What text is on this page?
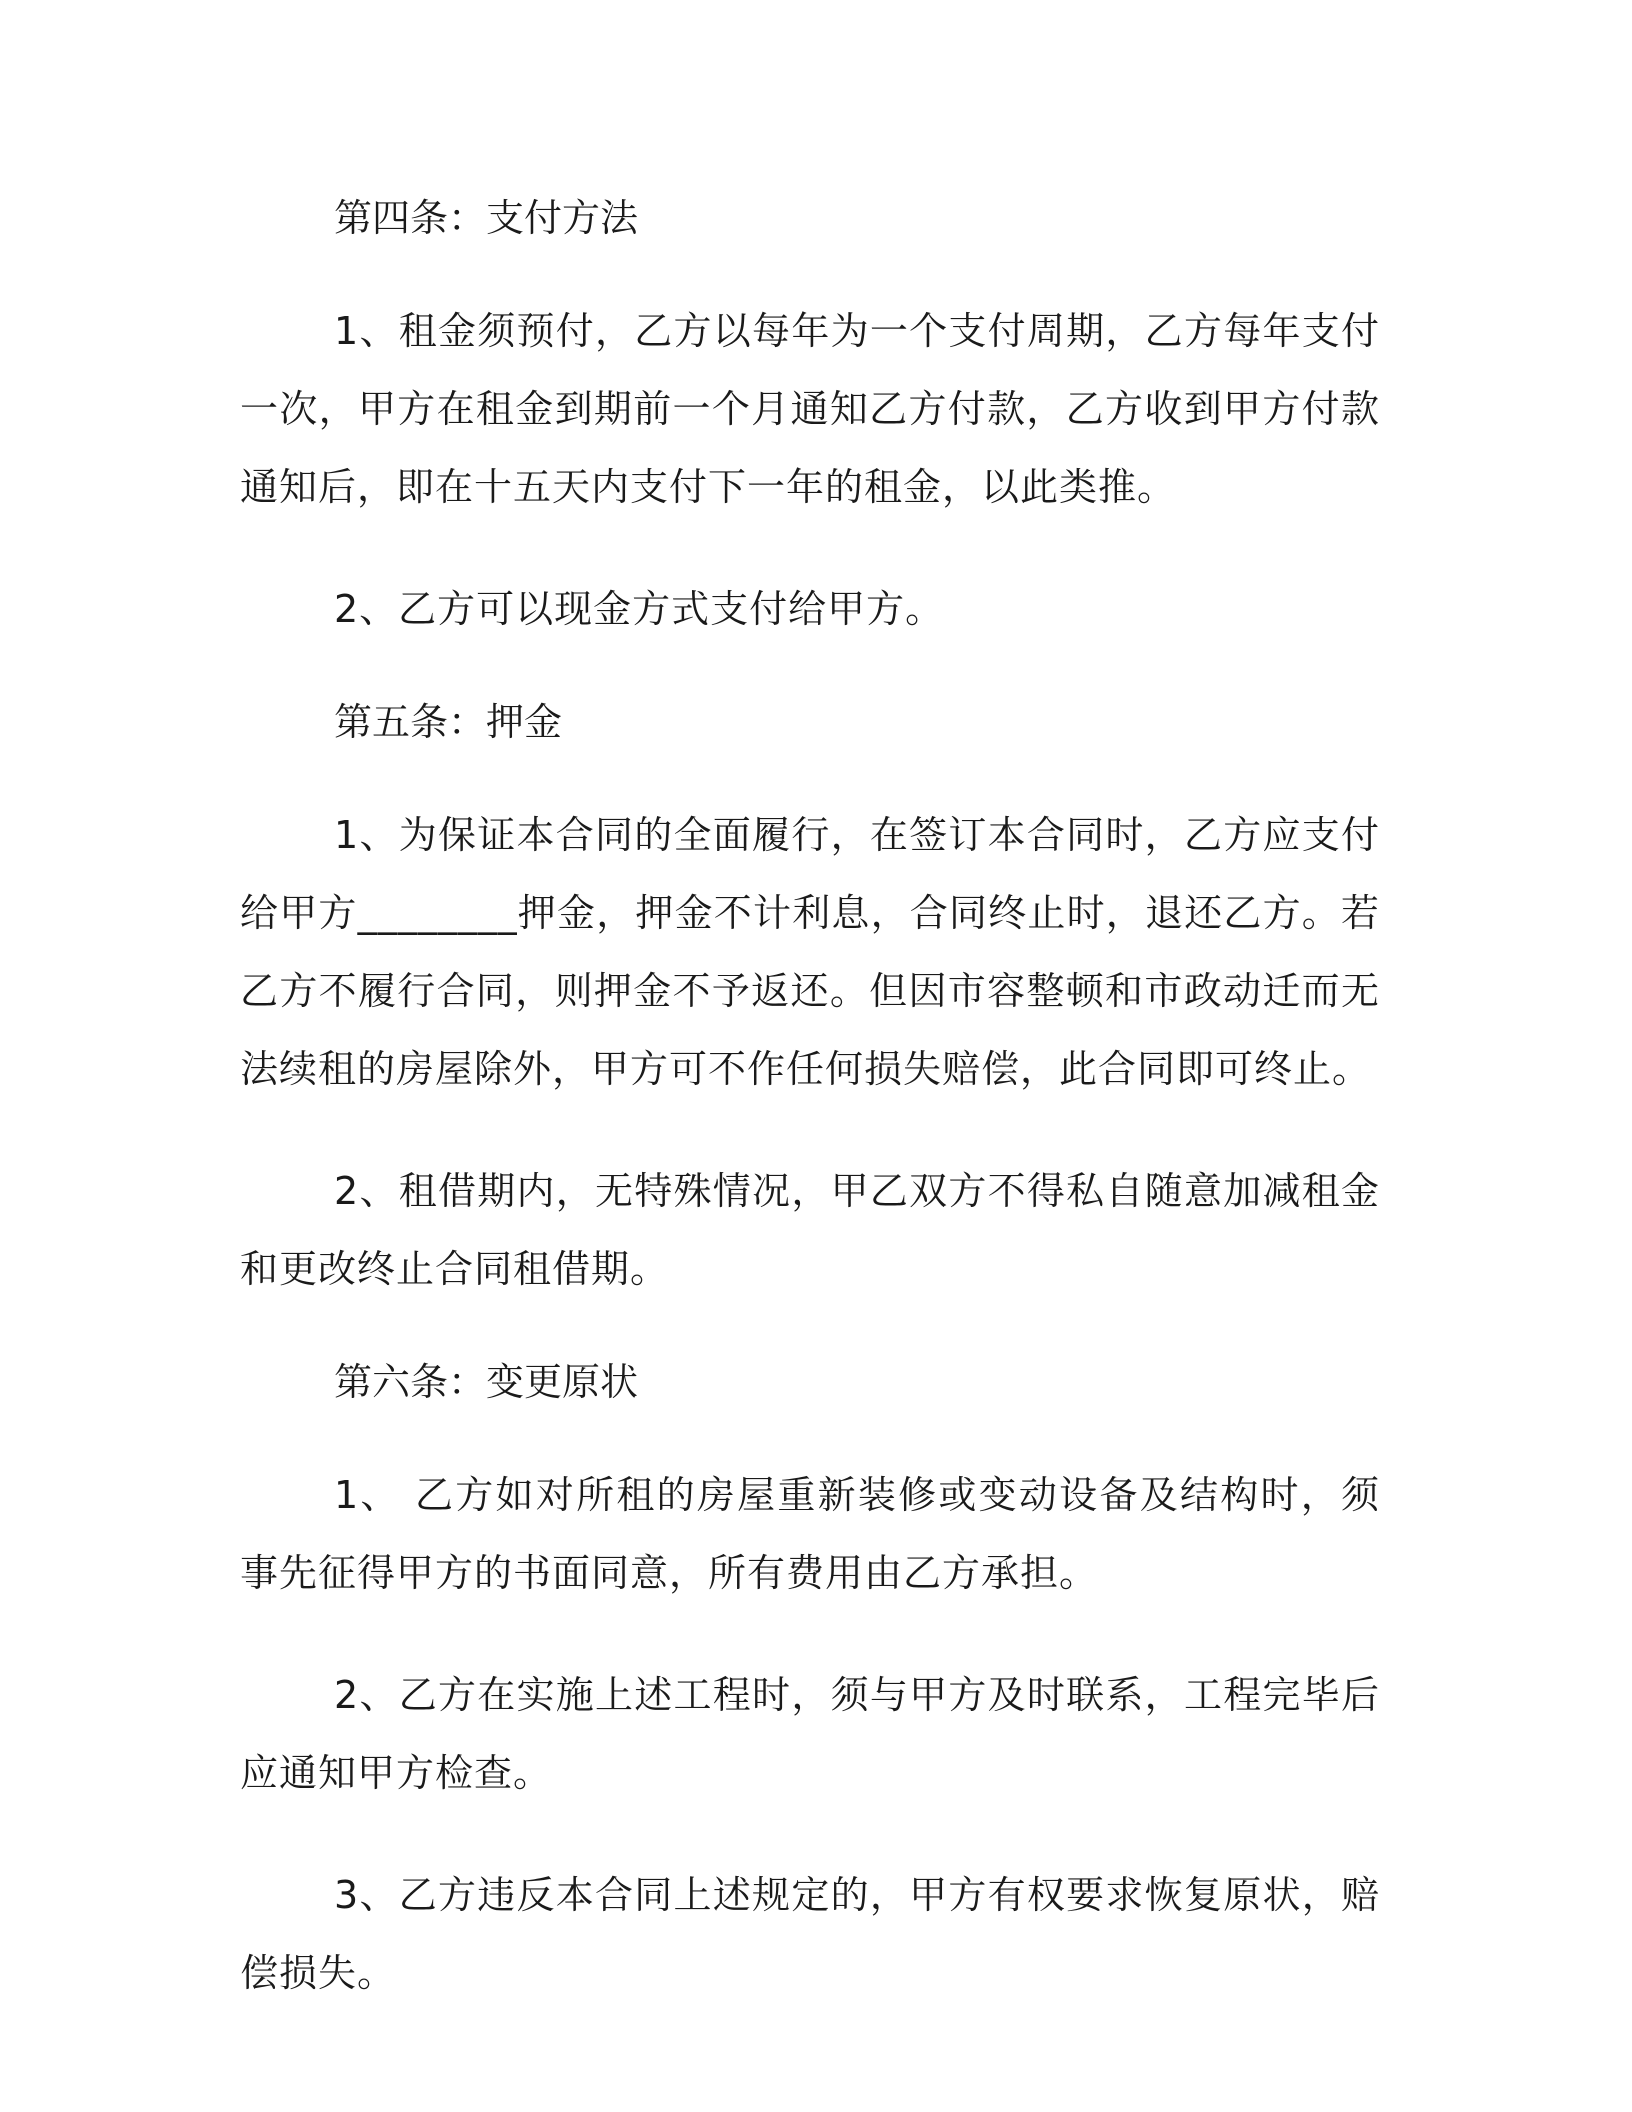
第四条：支付方法

1、租金须预付，乙方以每年为一个支付周期，乙方每年支付一次，甲方在租金到期前一个月通知乙方付款，乙方收到甲方付款通知后，即在十五天内支付下一年的租金，以此类推。

2、乙方可以现金方式支付给甲方。

第五条：押金

1、为保证本合同的全面履行，在签订本合同时，乙方应支付给甲方________押金，押金不计利息，合同终止时，退还乙方。若乙方不履行合同，则押金不予返还。但因市容整顿和市政动迁而无法续租的房屋除外，甲方可不作任何损失赔偿，此合同即可终止。

2、租借期内，无特殊情况，甲乙双方不得私自随意加减租金和更改终止合同租借期。

第六条：变更原状

1、 乙方如对所租的房屋重新装修或变动设备及结构时，须事先征得甲方的书面同意，所有费用由乙方承担。

2、乙方在实施上述工程时，须与甲方及时联系，工程完毕后应通知甲方检查。

3、乙方违反本合同上述规定的，甲方有权要求恢复原状，赔偿损失。
